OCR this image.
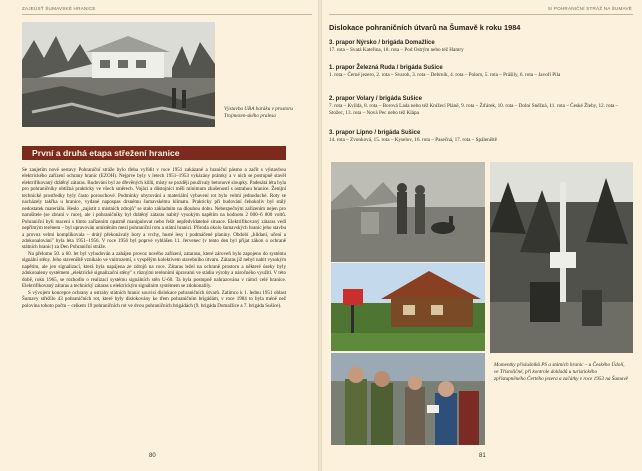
ZAJEÚSŤ ŠUMAVSKÉ HRANICE	5/ POHRANIČNÍ STRÁŽ NA ŠUMAVĚ
Výstavba UBA baráku v prostoru Trojmezen-ského pralesa
První a druhá etapa střežení hranice

Se zaujetím nové sestavy Pohraniční stráže bylo třeba vyřídit v roce 1951 zakázané a hraniční pásmo a začít s výstavbou elektrického zařízení ochrany hranic (EZOH). Nejprve byly v letech 1951–1953 vykázány prámky a v nich se postupně stavěl elektrifikovaný drátěný zátaras. Budování byl ze dřevěných kůlů, místy se později používaly betonové sloupky. Padesátá léta byla pro pohraničníky obtížná prakticky ve všech směrech. Vojáci a důstojníci měli minimum zkušeností s ostrahou hranice. Ženijní technické prostředky byly často porouchové. Podmínky ubytování a materiální vybavení rot bylo velmi jednoduché. Roty se nacházely takřka u hranice, vydané napospas drsnému šumavskému klimatu. Prakticky při budování čehokoliv byl stálý nedostatek materiálu. Heslo „zajistit z místních zdrojů" se stalo základním na dlouhou dobu. Nebezpečným zařízením nejen pro narušitele (se zbraní v ruce), ale i pohraničníky byl drátěný zátaras nabitý vysokým napětím na hodnotu 2 000–6 000 voltů. Pohraniční byli maceni s tímto zařízením opatrně manipulovat nebo řešit nepředvídatelné situace. Elektrifikovaný zátaras vedl nepřímým terénem – byl upravován umístěním mezi pohraniční rotu a státní hranici. Přiroda okolo šumavských hranic jeho stavbu a provoz velmi komplikovala – drátý překonávaly hory a vrchy, husté lesy i podmáčené planiny. Období „hlídaní, učení a zdokonalování" byla léta 1951–1956. V roce 1956 byl poprvé vyhlášen 11. červenec (v tento den byl přijat zákon o ochraně státních hranic) za Den Pohraniční stráže.

Na přelomu 50. a 60. let byl vybudován a zahájen provoz nového zařízení, zatarasu, které zároveň bylo zapojeno do systému signální stěny. Jeho staveniště vznikalo ve vnitrozemí, s vyspělým kolektivem stavebního útvaru. Zátaras již nebyl nabit vysokým napětím, ale jen signalizací, která byla napájena ze zdrojů na roce. Zátaras ležel na ochraně prostoru a některé úseky byly zdokonaleny systémem „elektrické signalizační stěny" s různými terénními úpravami ve stádiu výroby a náročného využití. V této době, roku 1965, se rozhodlo o realizaci systému signálních stěn U-60. Ta byla postupně nahrazována v rámci celé hranice. Elektrifikovaný zátaras a technický zátaras s elektrickým signálním systémem se zdokonalily.

S vývojem koncepce ochrany a ostrahy státních hranic souvisí dislokace pohraničních útvarů. Zatímco k 1. lednu 1951 oblast Šumavy střežilo 43 pohraničních rot, které byly dislokovány ke třem pohraničním brigádám, v roce 1984 to byla méně než polovina tohoto počtu – celkem 19 pohraničních rot ve dvou pohraničních brigádách (9. brigáda Domažlice a 7. brigáda Sušice).

80
Dislokace pohraničních útvarů na Šumavě k roku 1984
3. prapor Nýrsko / brigáda Domažlice
17. rota – Svatá Kateřina, 18. rota – Pod Ostrým nebo též Hamry
1. prapor Železná Ruda / brigáda Sušice
1. rota – Černé jezero, 2. rota – Svaroh, 3. rota – Debrník, 4. rota – Polom, 5. rota – Prášily, 6. rota – Javoří Pila
2. prapor Volary / brigáda Sušice
7. rota – Kvilda, 8. rota – Borová Lada nebo též Knížecí Pláně, 9. rota – Žďárek, 10. rota – Dolní Sněžná, 11. rota – České Žleby, 12. rota – Stožec, 13. rota – Nová Pec nebo též Klápa
3. prapor Lipno / brigáda Sušice
14. rota – Zvonková, 15. rota – Kyselov, 16. rota – Pasečná, 17. rota – Spáleniště
Momentky příslušníků PS a státních hranic – u Českého Údolí, ve Třístoličné, při kontrole dokladů u turistického zpřístupněného Čertého jezera a začátky v roce 1953 na Šumavě
81
